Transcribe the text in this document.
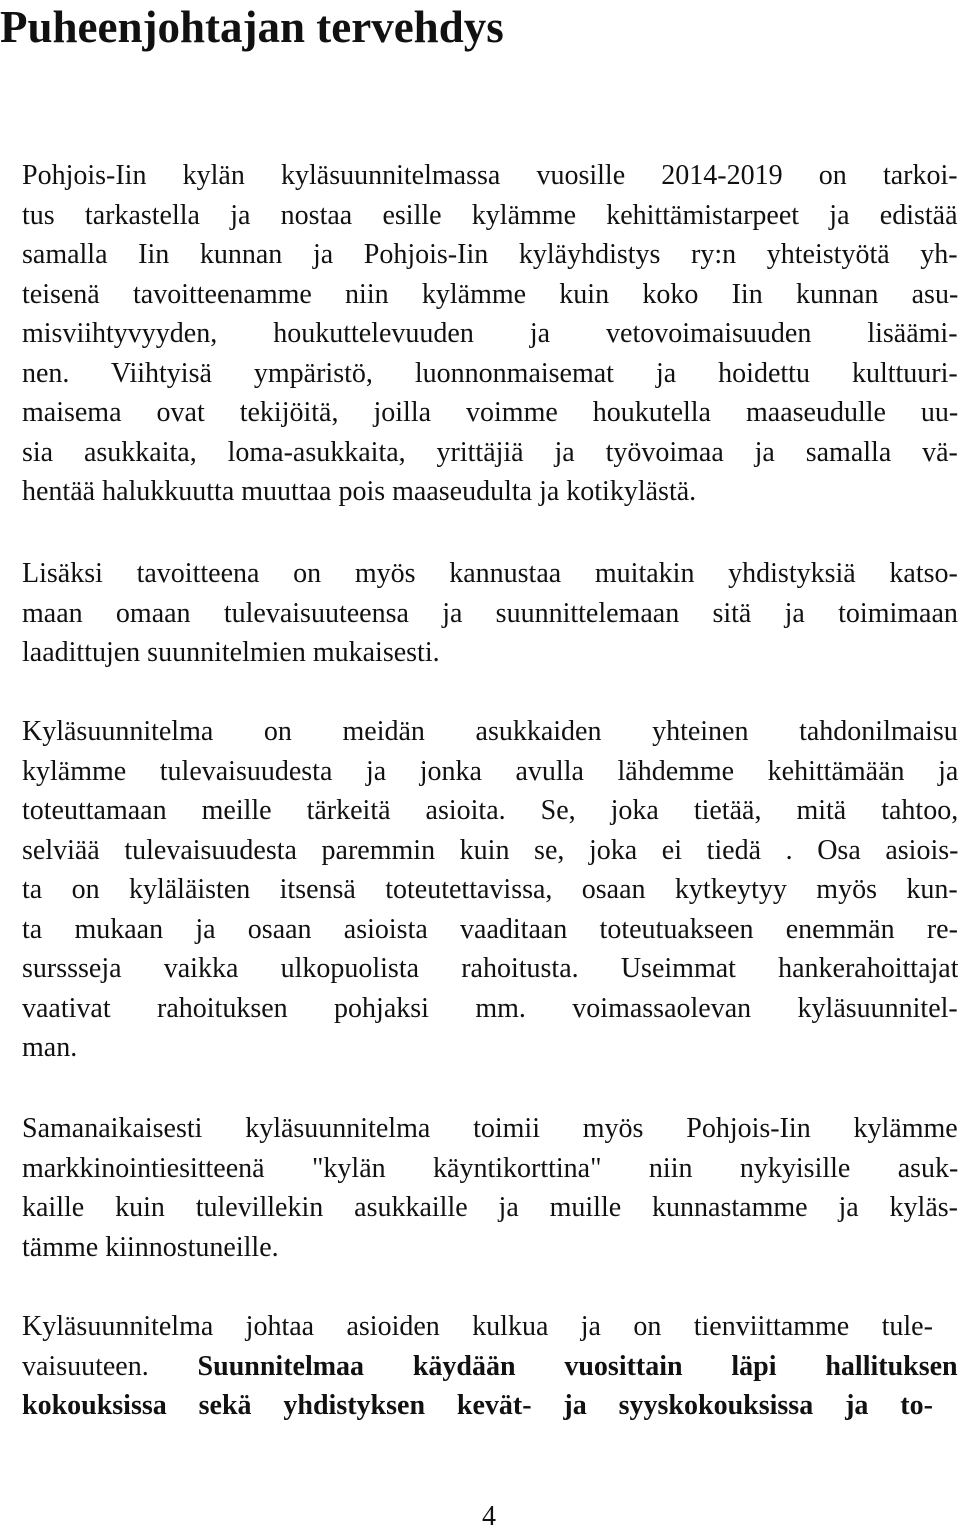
Puheenjohtajan tervehdys
Pohjois-Iin kylän kyläsuunnitelmassa vuosille 2014-2019 on tarkoi-
tus tarkastella ja nostaa esille kylämme kehittämistarpeet ja edistää
samalla Iin kunnan ja Pohjois-Iin kyläyhdistys ry:n yhteistyötä yh-
teisenä tavoitteenamme niin kylämme kuin koko Iin kunnan asu-
misviihtyvyyden, houkuttelevuuden ja vetovoimaisuuden lisäämi-
nen. Viihtyisä ympäristö, luonnonmaisemat ja hoidettu kulttuuri-
maisema ovat tekijöitä, joilla voimme houkutella maaseudulle uu-
sia asukkaita, loma-asukkaita, yrittäjiä ja työvoimaa ja samalla vä-
hentää halukkuutta muuttaa pois maaseudulta ja kotikylästä.
Lisäksi tavoitteena on myös kannustaa muitakin yhdistyksiä katso-
maan omaan tulevaisuuteensa ja suunnittelemaan sitä ja toimimaan
laadittujen suunnitelmien mukaisesti.
Kyläsuunnitelma on meidän asukkaiden yhteinen tahdonilmaisu
kylämme tulevaisuudesta ja jonka avulla lähdemme kehittämään ja
toteuttamaan meille tärkeitä asioita. Se, joka tietää, mitä tahtoo,
selviää tulevaisuudesta paremmin kuin se, joka ei tiedä . Osa asiois-
ta on kyläläisten itsensä toteutettavissa, osaan kytkeytyy myös kun-
ta mukaan ja osaan asioista vaaditaan toteutuakseen enemmän re-
surssseja vaikka ulkopuolista rahoitusta. Useimmat hankerahoittajat
vaativat rahoituksen pohjaksi mm. voimassaolevan kyläsuunnitel-
man.
Samanaikaisesti kyläsuunnitelma toimii myös Pohjois-Iin kylämme
markkinointiesitteenä "kylän käyntikorttina" niin nykyisille asuk-
kaille kuin tulevillekin asukkaille ja muille kunnastamme ja kyläs-
tämme kiinnostuneille.
Kyläsuunnitelma johtaa asioiden kulkua ja on tienviittamme tule-
vaisuuteen. Suunnitelmaa käydään vuosittain läpi hallituksen
kokouksissa sekä yhdistyksen kevät- ja syyskokouksissa ja to-
4
